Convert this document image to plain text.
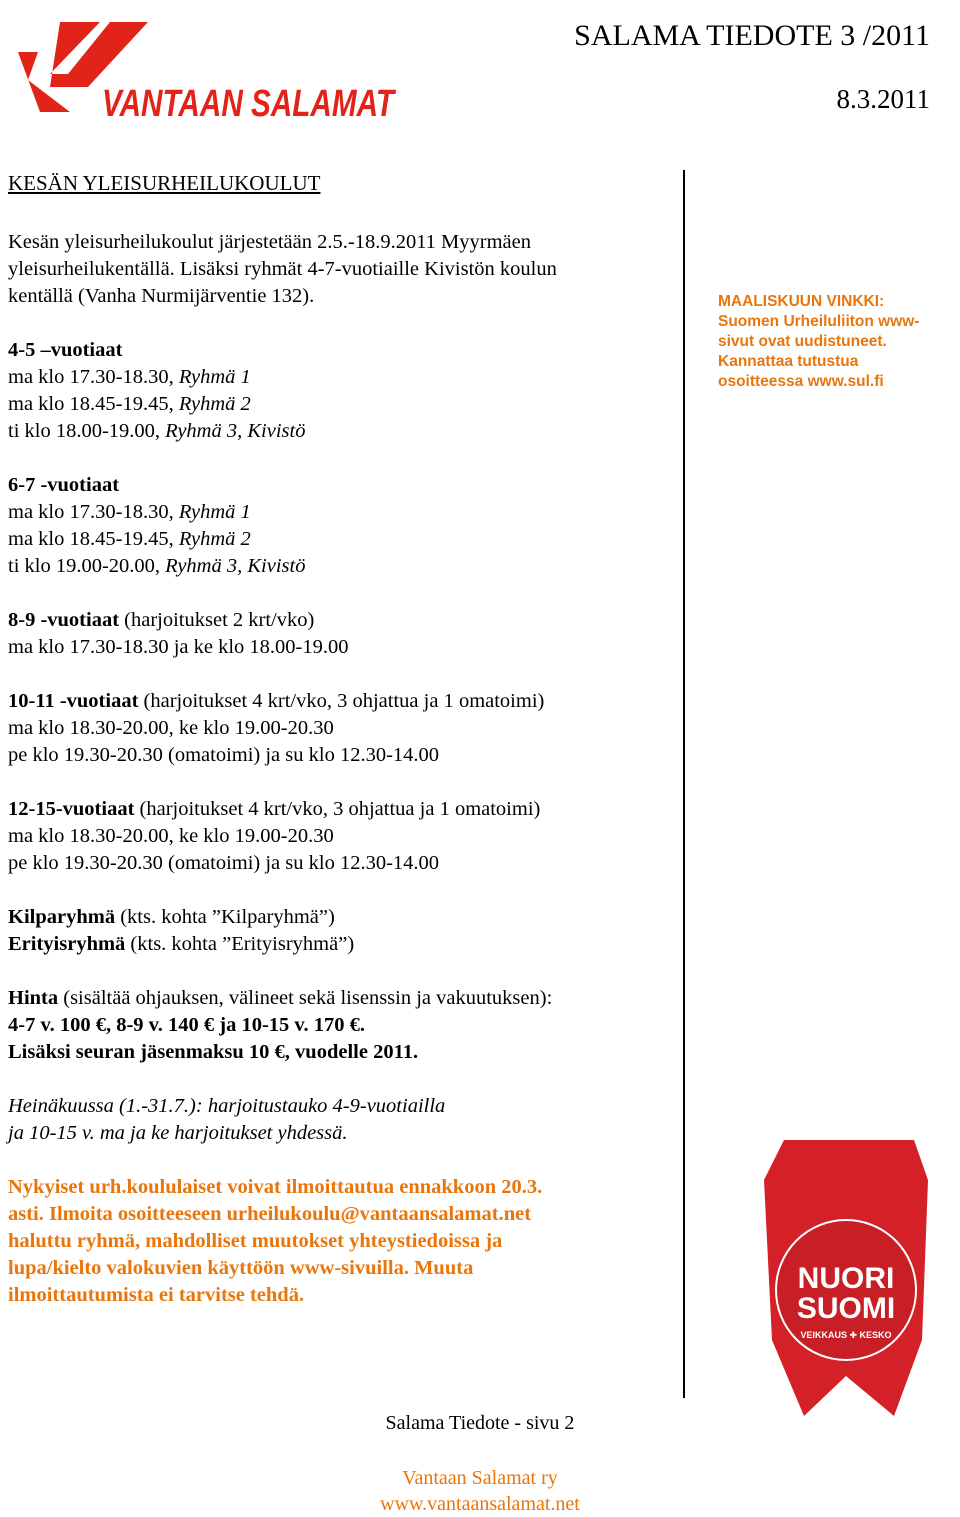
VANTAAN SALAMAT
SALAMA TIEDOTE 3 /2011
8.3.2011

KESÄN YLEISURHEILUKOULUT

Kesän yleisurheilukoulut järjestetään 2.5.-18.9.2011 Myyrmäen

yleisurheilukentällä. Lisäksi ryhmät 4-7-vuotiaille Kivistön koulun

kentällä (Vanha Nurmijärventie 132).

4-5 –vuotiaat

ma klo 17.30-18.30, Ryhmä 1

ma klo 18.45-19.45, Ryhmä 2

ti klo 18.00-19.00, Ryhmä 3, Kivistö

6-7 -vuotiaat

ma klo 17.30-18.30, Ryhmä 1

ma klo 18.45-19.45, Ryhmä 2

ti klo 19.00-20.00, Ryhmä 3, Kivistö

8-9 -vuotiaat (harjoitukset 2 krt/vko)

ma klo 17.30-18.30 ja ke klo 18.00-19.00

10-11 -vuotiaat (harjoitukset 4 krt/vko, 3 ohjattua ja 1 omatoimi)

ma klo 18.30-20.00, ke klo 19.00-20.30

pe klo 19.30-20.30 (omatoimi) ja su klo 12.30-14.00

12-15-vuotiaat (harjoitukset 4 krt/vko, 3 ohjattua ja 1 omatoimi)

ma klo 18.30-20.00, ke klo 19.00-20.30

pe klo 19.30-20.30 (omatoimi) ja su klo 12.30-14.00

Kilparyhmä (kts. kohta ”Kilparyhmä”)

Erityisryhmä (kts. kohta ”Erityisryhmä”)

Hinta (sisältää ohjauksen, välineet sekä lisenssin ja vakuutuksen):

4-7 v. 100 €, 8-9 v. 140 € ja 10-15 v. 170 €.

Lisäksi seuran jäsenmaksu 10 €, vuodelle 2011.

Heinäkuussa (1.-31.7.): harjoitustauko 4-9-vuotiailla

ja 10-15 v. ma ja ke harjoitukset yhdessä.

Nykyiset urh.koululaiset voivat ilmoittautua ennakkoon 20.3.

asti. Ilmoita osoitteeseen urheilukoulu@vantaansalamat.net

haluttu ryhmä, mahdolliset muutokset yhteystiedoissa ja

lupa/kielto valokuvien käyttöön www-sivuilla. Muuta

ilmoittautumista ei tarvitse tehdä.

MAALISKUUN VINKKI:
Suomen Urheiluliiton www-
sivut ovat uudistuneet.
Kannattaa tutustua
osoitteessa www.sul.fi
NUORI
SUOMI
VEIKKAUS ✚ KESKO
Salama Tiedote - sivu 2
Vantaan Salamat ry
www.vantaansalamat.net
